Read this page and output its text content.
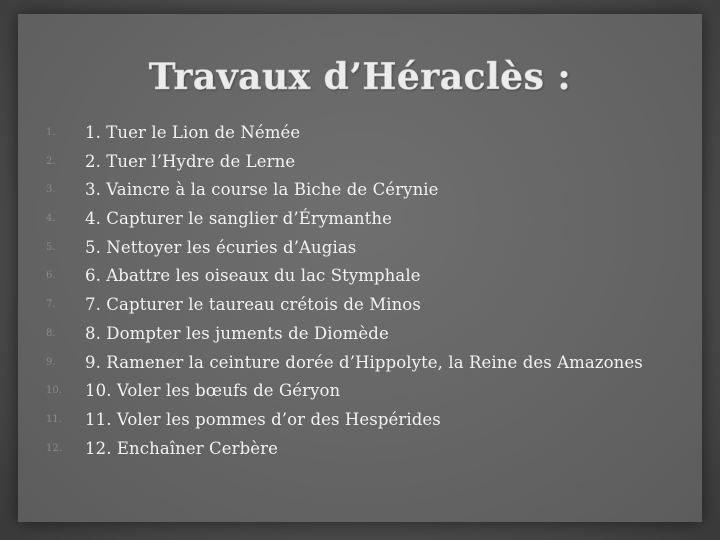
Travaux d’Héraclès :
1.	1. Tuer le Lion de Némée
2.	2. Tuer l’Hydre de Lerne
3.	3. Vaincre à la course la Biche de Cérynie
4.	4. Capturer le sanglier d’Érymanthe
5.	5. Nettoyer les écuries d’Augias
6.	6. Abattre les oiseaux du lac Stymphale
7.	7. Capturer le taureau crétois de Minos
8.	8. Dompter les juments de Diomède
9.	9. Ramener la ceinture dorée d’Hippolyte, la Reine des Amazones
10.	10. Voler les bœufs de Géryon
11.	11. Voler les pommes d’or des Hespérides
12.	12. Enchaîner Cerbère
